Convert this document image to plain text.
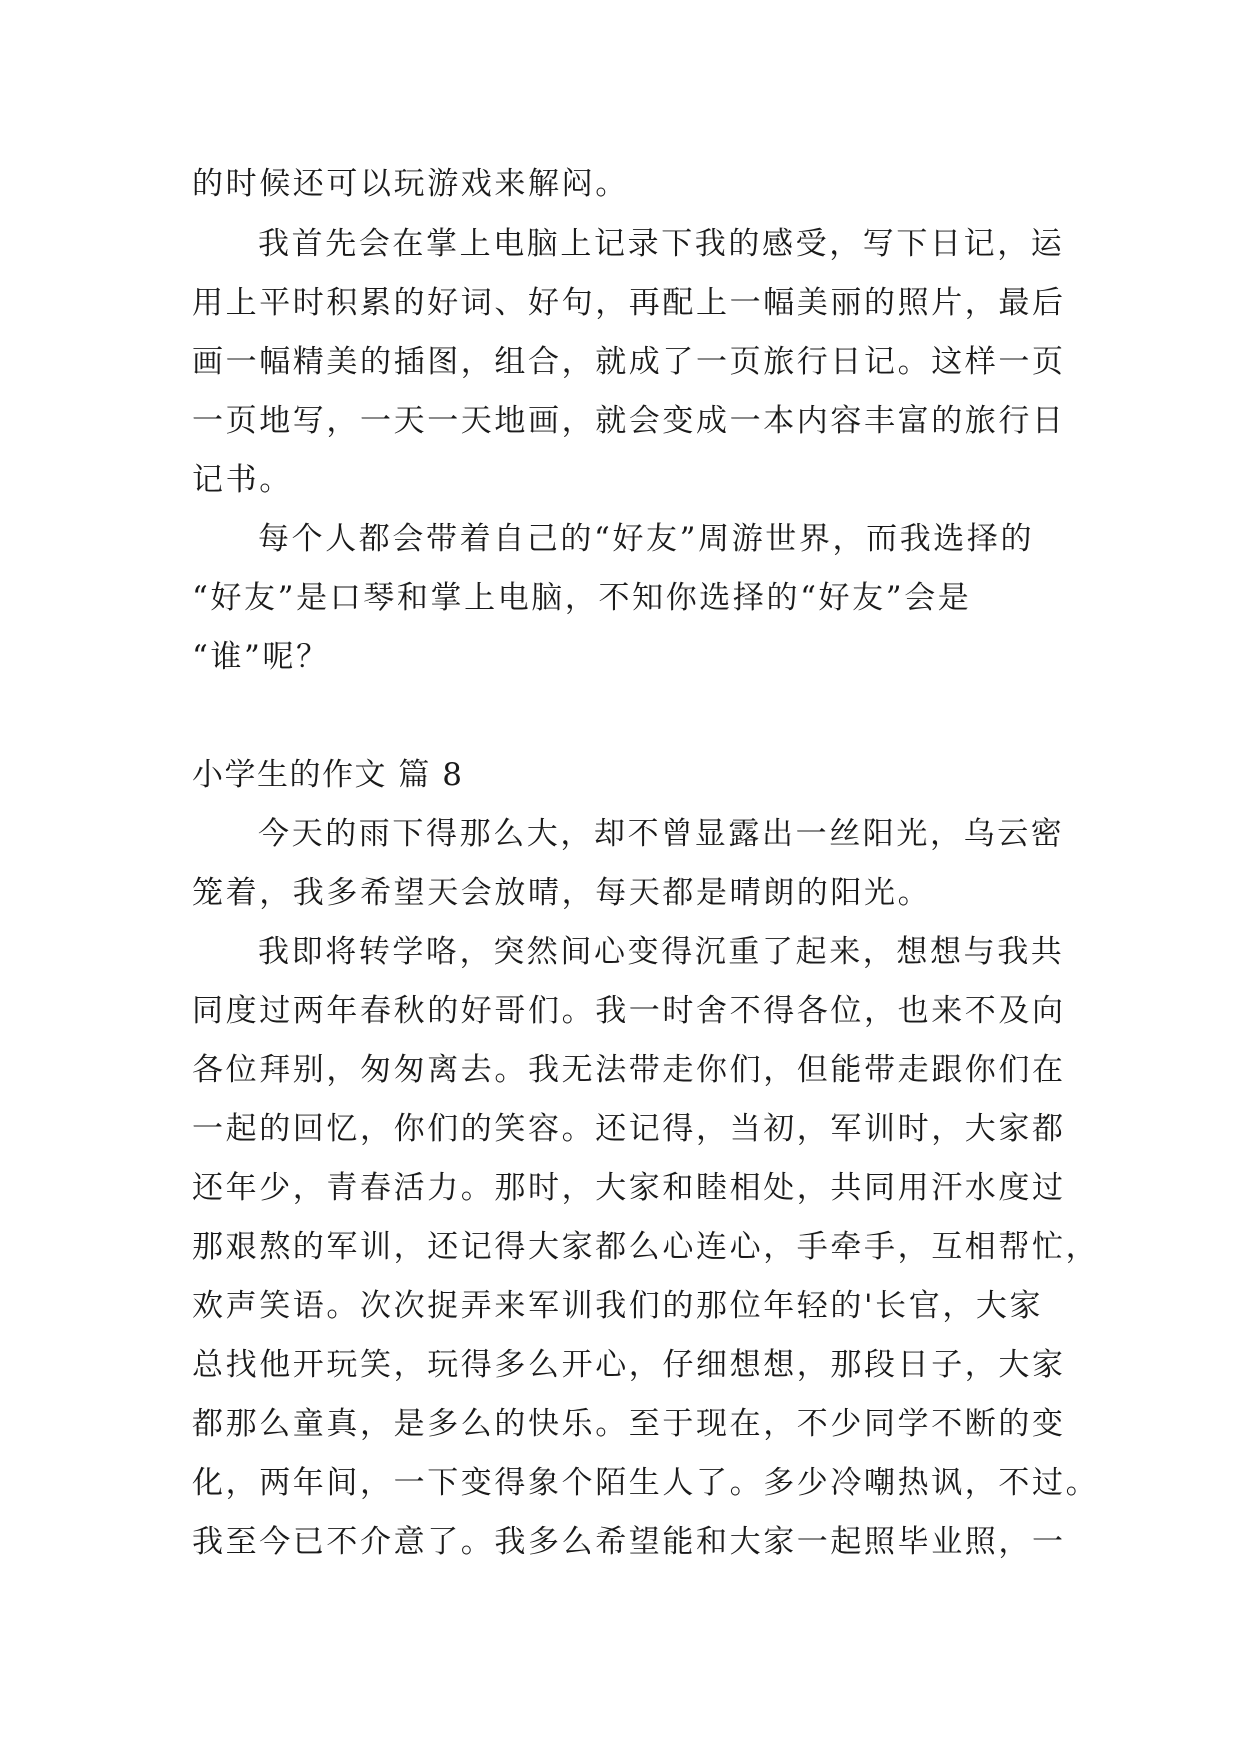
的时候还可以玩游戏来解闷。
我首先会在掌上电脑上记录下我的感受，写下日记，运
用上平时积累的好词、好句，再配上一幅美丽的照片，最后
画一幅精美的插图，组合，就成了一页旅行日记。这样一页
一页地写，一天一天地画，就会变成一本内容丰富的旅行日
记书。
每个人都会带着自己的“好友”周游世界，而我选择的
“好友”是口琴和掌上电脑，不知你选择的“好友”会是
“谁”呢？
小学生的作文 篇 8
今天的雨下得那么大，却不曾显露出一丝阳光，乌云密
笼着，我多希望天会放晴，每天都是晴朗的阳光。
我即将转学咯，突然间心变得沉重了起来，想想与我共
同度过两年春秋的好哥们。我一时舍不得各位，也来不及向
各位拜别，匆匆离去。我无法带走你们，但能带走跟你们在
一起的回忆，你们的笑容。还记得，当初，军训时，大家都
还年少，青春活力。那时，大家和睦相处，共同用汗水度过
那艰熬的军训，还记得大家都么心连心，手牵手，互相帮忙，
欢声笑语。次次捉弄来军训我们的那位年轻的'长官，大家
总找他开玩笑，玩得多么开心，仔细想想，那段日子，大家
都那么童真，是多么的快乐。至于现在，不少同学不断的变
化，两年间，一下变得象个陌生人了。多少冷嘲热讽，不过。
我至今已不介意了。我多么希望能和大家一起照毕业照，一
